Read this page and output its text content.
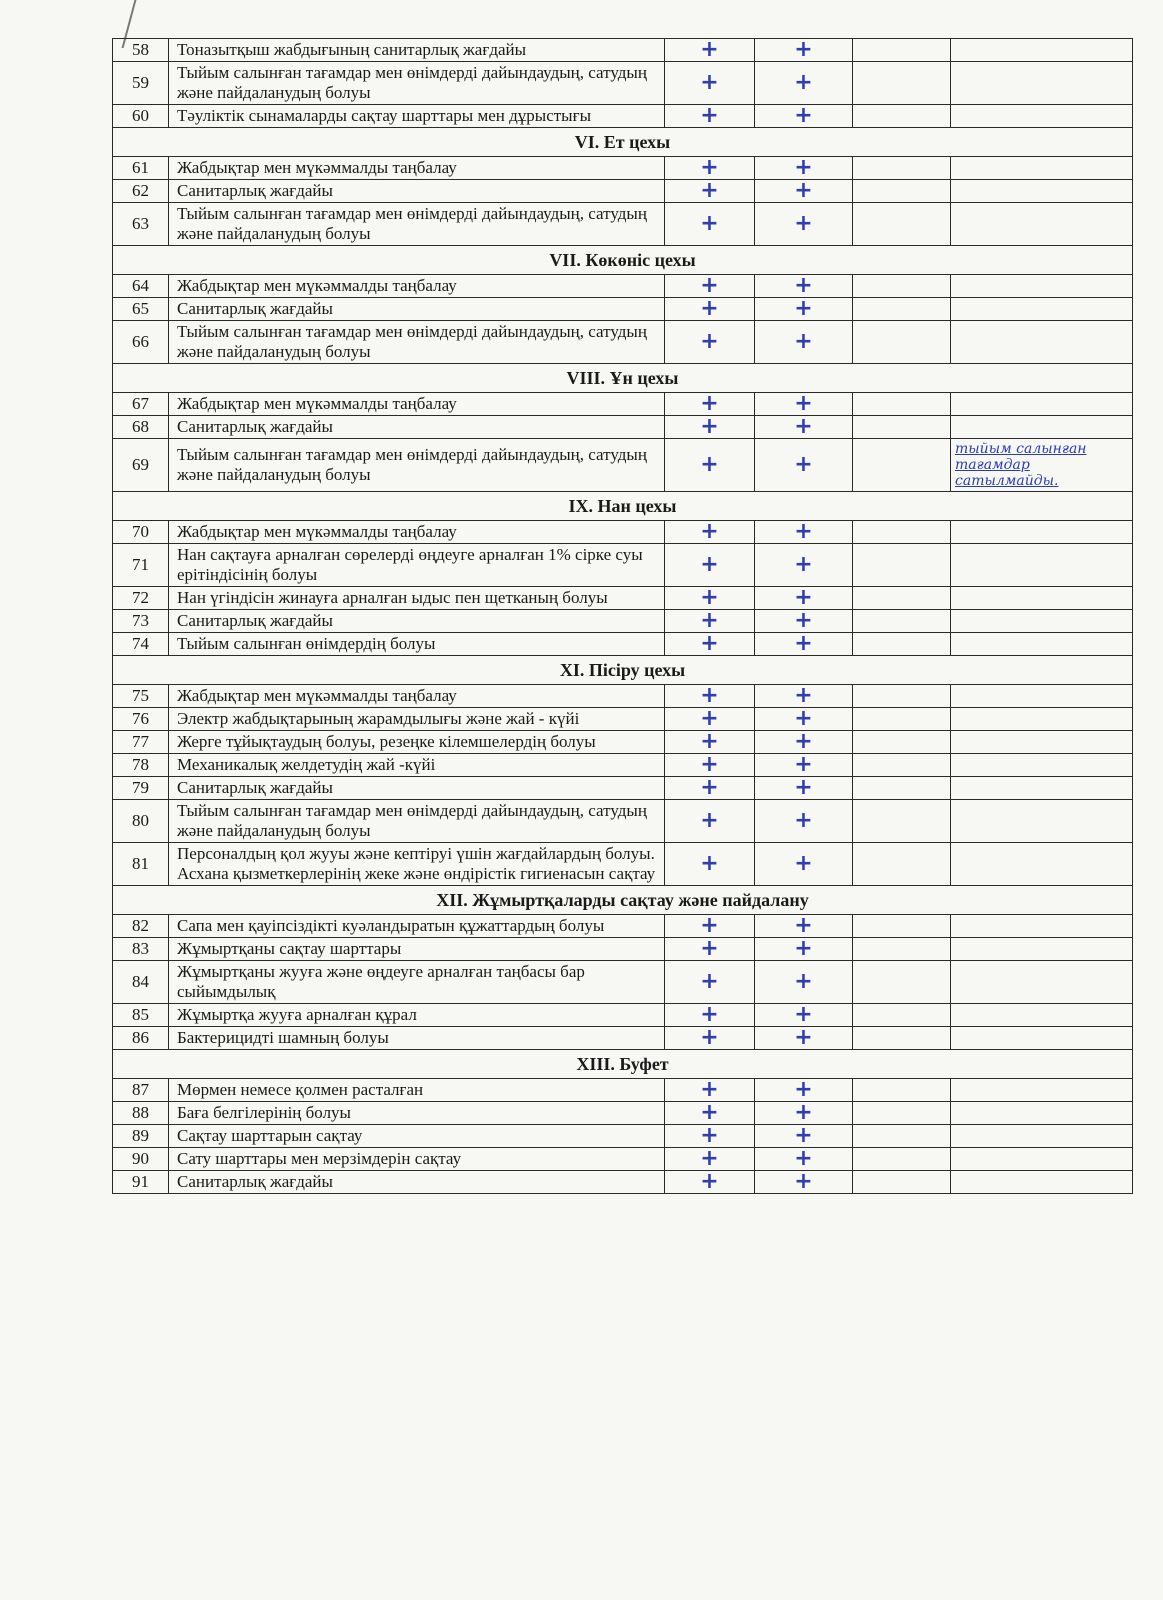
58	Тоназытқыш жабдығының санитарлық жағдайы	+	+		
59	Тыйым салынған тағамдар мен өнімдерді дайындаудың, сатудың және пайдаланудың болуы	+	+		
60	Тәуліктік сынамаларды сақтау шарттары мен дұрыстығы	+	+		
VI. Ет цехы					
61	Жабдықтар мен мүкәммалды таңбалау	+	+		
62	Санитарлық жағдайы	+	+		
63	Тыйым салынған тағамдар мен өнімдерді дайындаудың, сатудың және пайдаланудың болуы	+	+		
VII. Көкөніс цехы					
64	Жабдықтар мен мүкәммалды таңбалау	+	+		
65	Санитарлық жағдайы	+	+		
66	Тыйым салынған тағамдар мен өнімдерді дайындаудың, сатудың және пайдаланудың болуы	+	+		
VIII. Ұн цехы					
67	Жабдықтар мен мүкәммалды таңбалау	+	+		
68	Санитарлық жағдайы	+	+		
69	Тыйым салынған тағамдар мен өнімдерді дайындаудың, сатудың және пайдаланудың болуы	+	+		тыйым салынған тағамдар сатылмайды.
IX. Нан цехы					
70	Жабдықтар мен мүкәммалды таңбалау	+	+		
71	Нан сақтауға арналған сөрелерді өңдеуге арналған 1% сірке суы ерітіндісінің болуы	+	+		
72	Нан үгіндісін жинауға арналған ыдыс пен щетканың болуы	+	+		
73	Санитарлық жағдайы	+	+		
74	Тыйым салынған өнімдердің болуы	+	+		
XI. Пісіру цехы					
75	Жабдықтар мен мүкәммалды таңбалау	+	+		
76	Электр жабдықтарының жарамдылығы және жай - күйі	+	+		
77	Жерге тұйықтаудың болуы, резеңке кілемшелердің болуы	+	+		
78	Механикалық желдетудің жай -күйі	+	+		
79	Санитарлық жағдайы	+	+		
80	Тыйым салынған тағамдар мен өнімдерді дайындаудың, сатудың және пайдаланудың болуы	+	+		
81	Персоналдың қол жууы және кептіруі үшін жағдайлардың болуы. Асхана қызметкерлерінің жеке және өндірістік гигиенасын сақтау	+	+		
XII. Жұмыртқаларды сақтау және пайдалану					
82	Сапа мен қауіпсіздікті куәландыратын құжаттардың болуы	+	+		
83	Жұмыртқаны сақтау шарттары	+	+		
84	Жұмыртқаны жууға және өңдеуге арналған таңбасы бар сыйымдылық	+	+		
85	Жұмыртқа жууға арналған құрал	+	+		
86	Бактерицидті шамның болуы	+	+		
XIII. Буфет					
87	Мөрмен немесе қолмен расталған	+	+		
88	Баға белгілерінің болуы	+	+		
89	Сақтау шарттарын сақтау	+	+		
90	Сату шарттары мен мерзімдерін сақтау	+	+		
91	Санитарлық жағдайы	+	+		
